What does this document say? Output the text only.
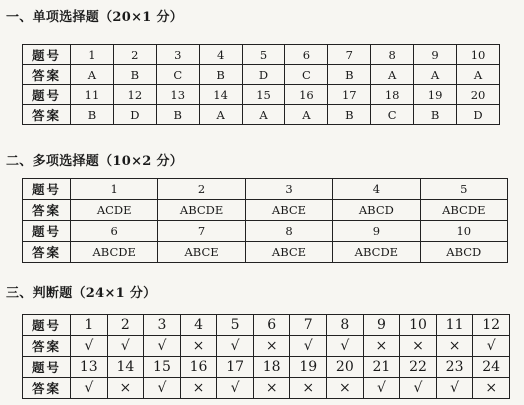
一、单项选择题（20×1 分）
题号	1	2	3	4	5	6	7	8	9	10
答案	A	B	C	B	D	C	B	A	A	A
题号	11	12	13	14	15	16	17	18	19	20
答案	B	D	B	A	A	A	B	C	B	D
二、多项选择题（10×2 分）
题号	1	2	3	4	5
答案	ACDE	ABCDE	ABCE	ABCD	ABCDE
题号	6	7	8	9	10
答案	ABCDE	ABCE	ABCE	ABCDE	ABCD
三、判断题（24×1 分）
题号	1	2	3	4	5	6	7	8	9	10	11	12
答案	√	√	√	×	√	×	√	√	×	×	×	√
题号	13	14	15	16	17	18	19	20	21	22	23	24
答案	√	×	√	×	√	×	×	×	√	√	√	×
